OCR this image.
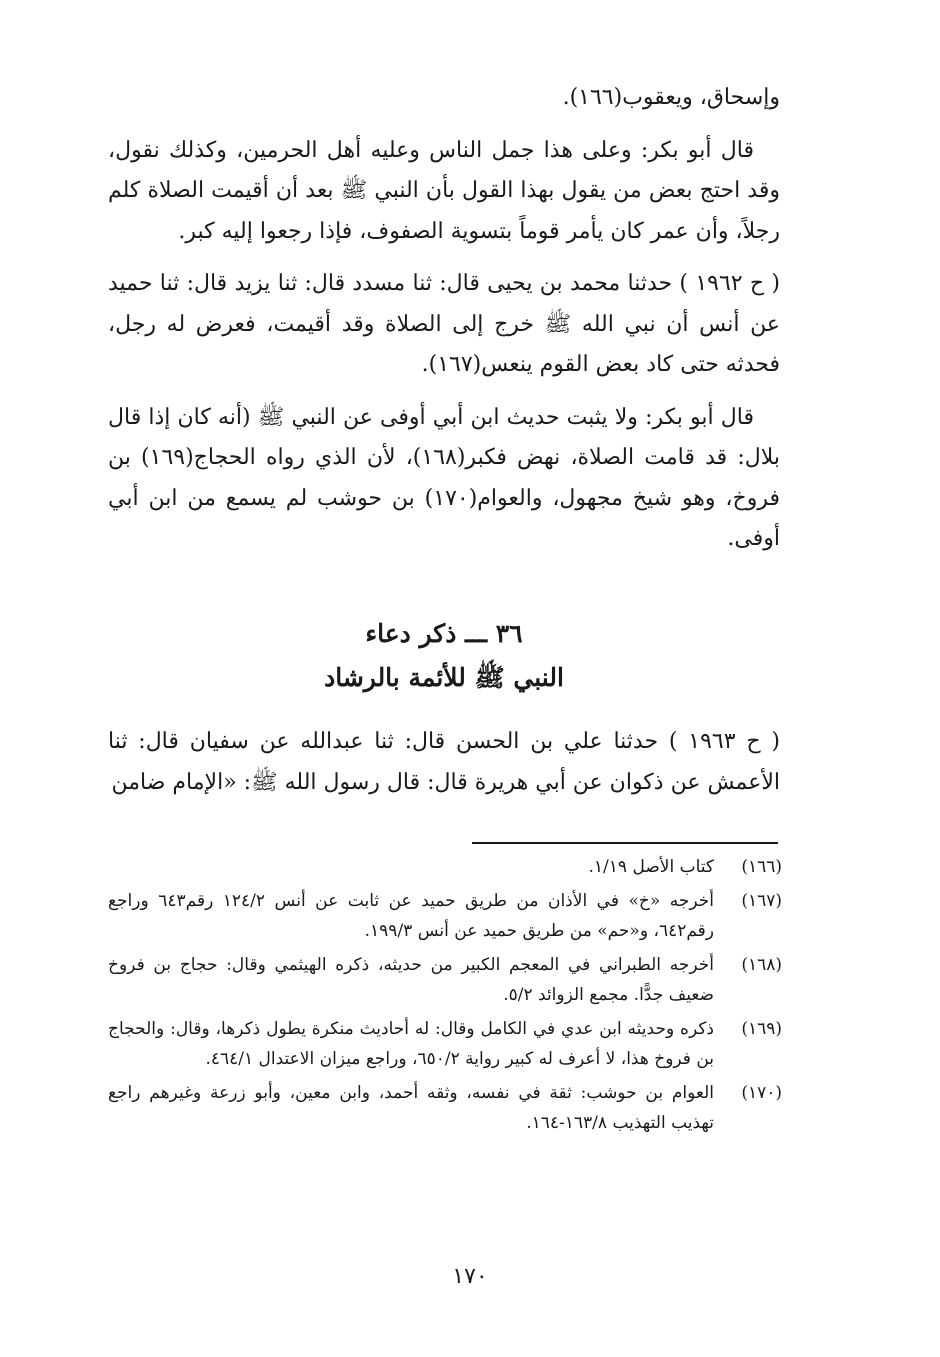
وإسحاق، ويعقوب(١٦٦).

قال أبو بكر: وعلى هذا جمل الناس وعليه أهل الحرمين، وكذلك نقول، وقد احتج بعض من يقول بهذا القول بأن النبي ﷺ بعد أن أقيمت الصلاة كلم رجلاً، وأن عمر كان يأمر قوماً بتسوية الصفوف، فإذا رجعوا إليه كبر.

( ح ١٩٦٢ ) حدثنا محمد بن يحيى قال: ثنا مسدد قال: ثنا يزيد قال: ثنا حميد عن أنس أن نبي الله ﷺ خرج إلى الصلاة وقد أقيمت، فعرض له رجل، فحدثه حتى كاد بعض القوم ينعس(١٦٧).

قال أبو بكر: ولا يثبت حديث ابن أبي أوفى عن النبي ﷺ (أنه كان إذا قال بلال: قد قامت الصلاة، نهض فكبر(١٦٨)، لأن الذي رواه الحجاج(١٦٩) بن فروخ، وهو شيخ مجهول، والعوام(١٧٠) بن حوشب لم يسمع من ابن أبي أوفى.

٣٦ ـــ ذكر دعاء
النبي ﷺ للأئمة بالرشاد

( ح ١٩٦٣ ) حدثنا علي بن الحسن قال: ثنا عبدالله عن سفيان قال: ثنا الأعمش عن ذكوان عن أبي هريرة قال: قال رسول الله ﷺ: «الإمام ضامن

(١٦٦)
كتاب الأصل ١/١٩.
(١٦٧)
أخرجه «خ» في الأذان من طريق حميد عن ثابت عن أنس ١٢٤/٢ رقم٦٤٣ وراجع رقم٦٤٢، و«حم» من طريق حميد عن أنس ١٩٩/٣.
(١٦٨)
أخرجه الطبراني في المعجم الكبير من حديثه، ذكره الهيثمي وقال: حجاج بن فروخ ضعيف جدًّا. مجمع الزوائد ٥/٢.
(١٦٩)
ذكره وحديثه ابن عدي في الكامل وقال: له أحاديث منكرة يطول ذكرها، وقال: والحجاج بن فروخ هذا، لا أعرف له كبير رواية ٦٥٠/٢، وراجع ميزان الاعتدال ٤٦٤/١.
(١٧٠)
العوام بن حوشب: ثقة في نفسه، وثقه أحمد، وابن معين، وأبو زرعة وغيرهم راجع تهذيب التهذيب ١٦٣/٨-١٦٤.
١٧٠
